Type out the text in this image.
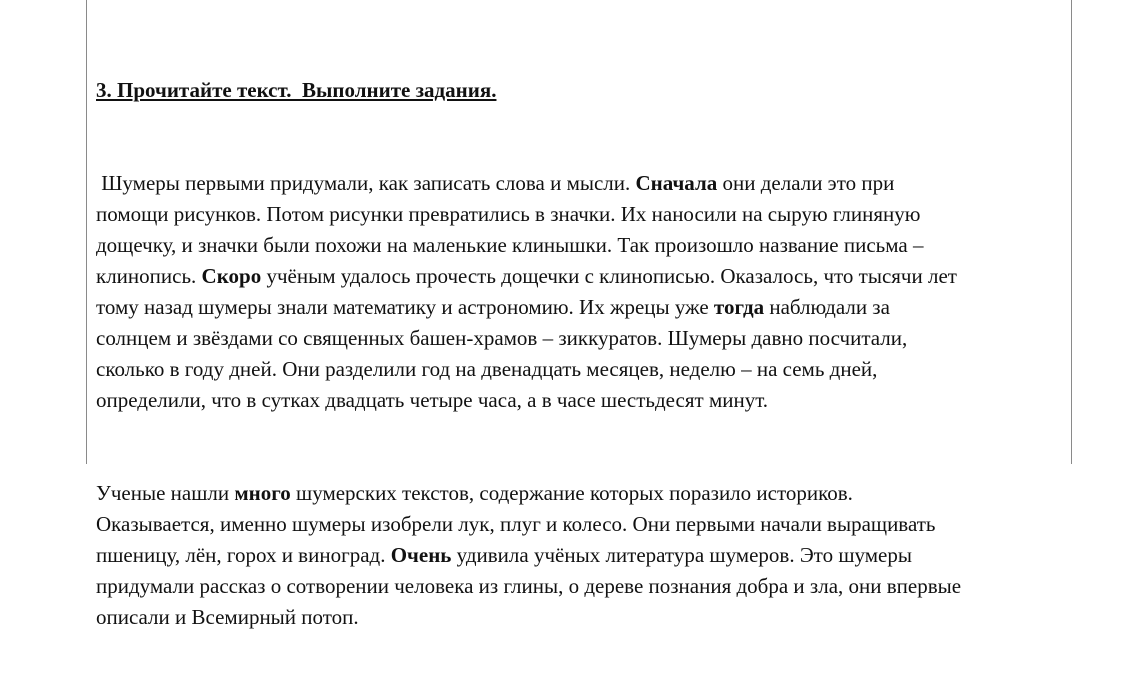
3. Прочитайте текст.  Выполните задания.

Шумеры первыми придумали, как записать слова и мысли. Сначала они делали это при
помощи рисунков. Потом рисунки превратились в значки. Их наносили на сырую глиняную
дощечку, и значки были похожи на маленькие клинышки. Так произошло название письма –
клинопись. Скоро учёным удалось прочесть дощечки с клинописью. Оказалось, что тысячи лет
тому назад шумеры знали математику и астрономию. Их жрецы уже тогда наблюдали за
солнцем и звёздами со священных башен-храмов – зиккуратов. Шумеры давно посчитали,
сколько в году дней. Они разделили год на двенадцать месяцев, неделю – на семь дней,
определили, что в сутках двадцать четыре часа, а в часе шестьдесят минут.

Ученые нашли много шумерских текстов, содержание которых поразило историков.
Оказывается, именно шумеры изобрели лук, плуг и колесо. Они первыми начали выращивать
пшеницу, лён, горох и виноград. Очень удивила учёных литература шумеров. Это шумеры
придумали рассказ о сотворении человека из глины, о дереве познания добра и зла, они впервые
описали и Всемирный потоп.
